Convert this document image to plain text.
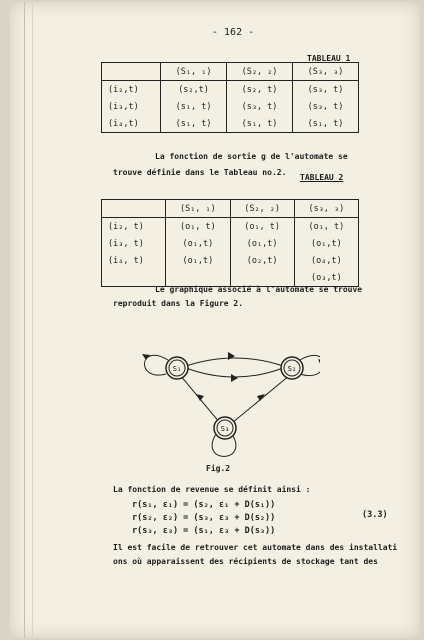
- 162 -
TABLEAU 1
	(S₁, ₁)	(S₂, ₂)	(S₃, ₃)
(i₂,t)	(s₂,t)	(s₂, t)	(s₃, t)
(i₃,t)	(s₁, t)	(s₃, t)	(s₃, t)
(i₄,t)	(s₁, t)	(s₁, t)	(s₁, t)
La fonction de sortie g de l'automate se
trouve définie dans le Tableau no.2.
TABLEAU 2
	(S₁, ₁)	(S₂, ₂)	(s₃, ₃)
(i₂, t)	(o₁, t)	(o₁, t)	(o₁, t)
(i₃, t)	(o₁,t)	(o₁,t)	(o₁,t)
(i₄, t)	(o₁,t)	(o₂,t)	(o₄,t)
			(o₃,t)
Le graphique associé à l'automate se trouve
reproduit dans la Figure 2.
S₁	S₂
S₃
Fig.2
La fonction de revenue se définit ainsi :
r(s₁, ε₁) = (s₂, ε₁ + D(s₁))
r(s₂, ε₂) = (s₃, ε₃ + D(s₂))
r(s₃, ε₃) = (s₁, ε₃ + D(s₃))
(3.3)
Il est facile de retrouver cet automate dans des installati
ons où apparaissent des récipients de stockage tant des
